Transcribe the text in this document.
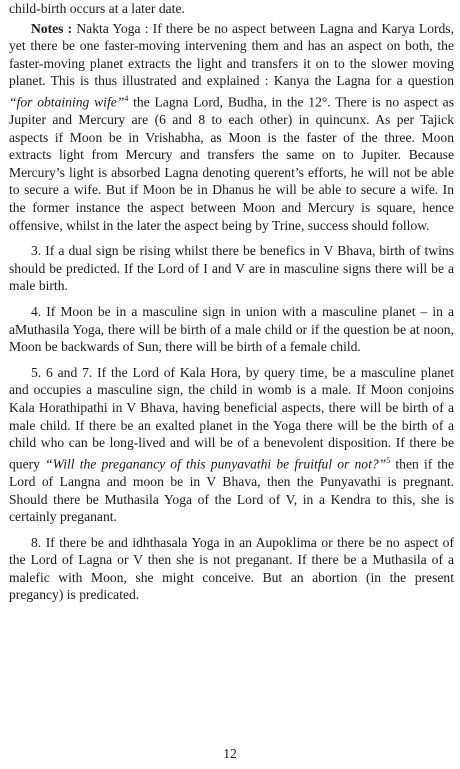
child-birth occurs at a later date.

Notes : Nakta Yoga : If there be no aspect between Lagna and Karya Lords, yet there be one faster-moving intervening them and has an aspect on both, the faster-moving planet extracts the light and transfers it on to the slower moving planet. This is thus illustrated and explained : Kanya the Lagna for a question “for obtaining wife”$^4$ the Lagna Lord, Budha, in the 12°. There is no aspect as Jupiter and Mercury are (6 and 8 to each other) in quincunx. As per Tajick aspects if Moon be in Vrishabha, as Moon is the faster of the three. Moon extracts light from Mercury and transfers the same on to Jupiter. Because Mercury’s light is absorbed Lagna denoting querent’s efforts, he will not be able to secure a wife. But if Moon be in Dhanus he will be able to secure a wife. In the former instance the aspect between Moon and Mercury is square, hence offensive, whilst in the later the aspect being by Trine, success should follow.

3. If a dual sign be rising whilst there be benefics in V Bhava, birth of twins should be predicted. If the Lord of I and V are in masculine signs there will be a male birth.

4. If Moon be in a masculine sign in union with a masculine planet – in a aMuthasila Yoga, there will be birth of a male child or if the question be at noon, Moon be backwards of Sun, there will be birth of a female child.

5. 6 and 7. If the Lord of Kala Hora, by query time, be a masculine planet and occupies a masculine sign, the child in womb is a male. If Moon conjoins Kala Horathipathi in V Bhava, having beneficial aspects, there will be birth of a male child. If there be an exalted planet in the Yoga there will be the birth of a child who can be long-lived and will be of a benevolent disposition. If there be query “Will the preganancy of this punyavathi be fruitful or not?”$^5$ then if the Lord of Langna and moon be in V Bhava, then the Punyavathi is pregnant. Should there be Muthasila Yoga of the Lord of V, in a Kendra to this, she is certainly preganant.

8. If there be and idhthasala Yoga in an Aupoklima or there be no aspect of the Lord of Lagna or V then she is not preganant. If there be a Muthasila of a malefic with Moon, she might conceive. But an abortion (in the present pregancy) is predicated.

12
